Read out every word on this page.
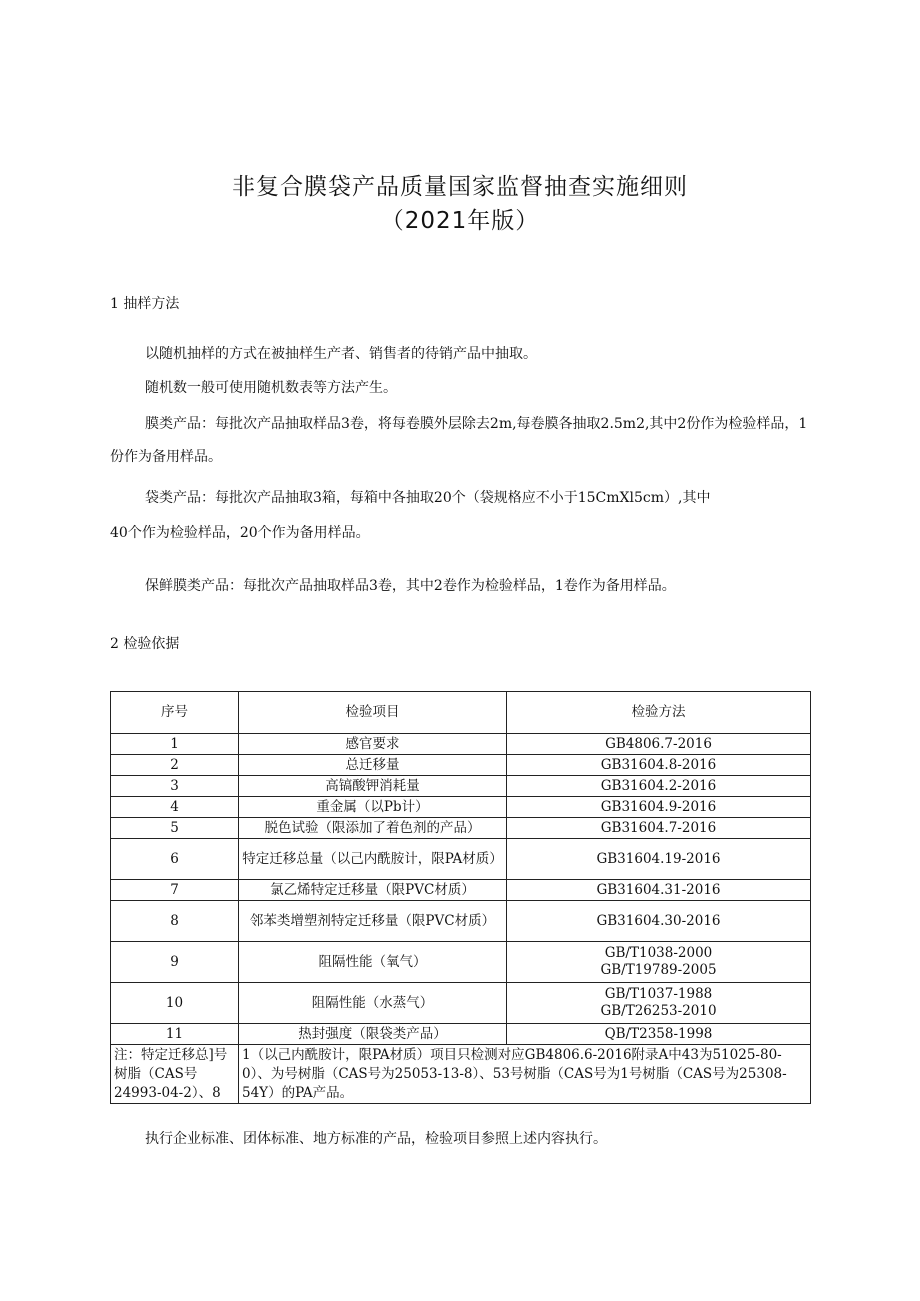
非复合膜袋产品质量国家监督抽查实施细则
（2021年版）
1 抽样方法
以随机抽样的方式在被抽样生产者、销售者的待销产品中抽取。
随机数一般可使用随机数表等方法产生。
膜类产品：每批次产品抽取样品3卷，将每卷膜外层除去2m,每卷膜各抽取2.5m2,其中2份作为检验样品，1份作为备用样品。
袋类产品：每批次产品抽取3箱，每箱中各抽取20个（袋规格应不小于15CmXl5cm）,其中
40个作为检验样品，20个作为备用样品。
保鲜膜类产品：每批次产品抽取样品3卷，其中2卷作为检验样品，1卷作为备用样品。
2 检验依据
序号	检验项目	检验方法
1	感官要求	GB4806.7-2016
2	总迁移量	GB31604.8-2016
3	高镐酸钾消耗量	GB31604.2-2016
4	重金属（以Pb计）	GB31604.9-2016
5	脱色试验（限添加了着色剂的产品）	GB31604.7-2016
6	特定迁移总量（以己内酰胺计，限PA材质）	GB31604.19-2016
7	氯乙烯特定迁移量（限PVC材质）	GB31604.31-2016
8	邻苯类增塑剂特定迁移量（限PVC材质）	GB31604.30-2016
9	阻隔性能（氧气）	GB/T1038-2000
GB/T19789-2005

10	阻隔性能（水蒸气）	GB/T1037-1988
GB/T26253-2010

11	热封强度（限袋类产品）	QB/T2358-1998
注：特定迁移总]号树脂（CAS号24993-04-2）、8	1（以己内酰胺计，限PA材质）项目只检测对应GB4806.6-2016附录A中43为51025-80-0）、为号树脂（CAS号为25053-13-8）、53号树脂（CAS号为1号树脂（CAS号为25308-54Y）的PA产品。	
执行企业标准、团体标准、地方标准的产品，检验项目参照上述内容执行。
